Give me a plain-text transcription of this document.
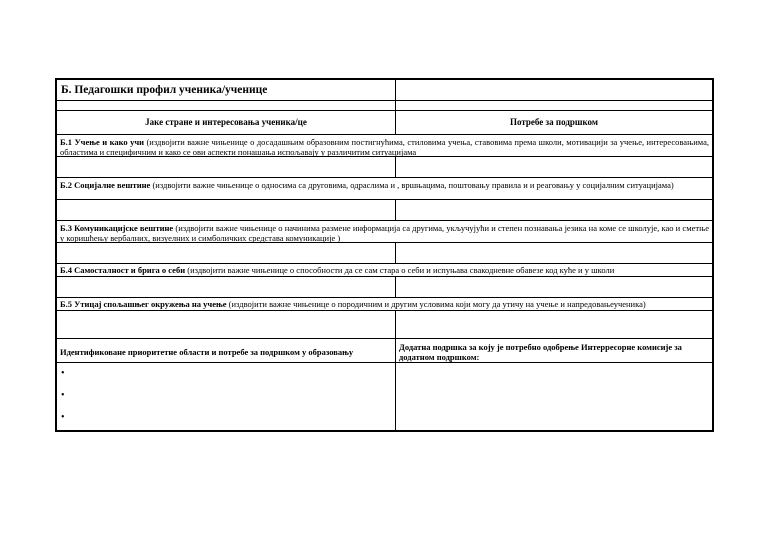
Б. Педагошки профил ученика/ученице
Јаке стране и интересовања ученика/це	Потребе за подршком
Б.1 Учење и како учи (издвојити важне чињенице о досадашњим образовним постигнућима, стиловима учења, ставовима према школи, мотивацији за учење, интересовањима, областима и специфичним и како се ови аспекти понашања испољавају у различитим ситуацијама
Б.2 Социјалне вештине (издвојити важне чињенице о односима са друговима, одраслима и , вршњацима, поштовању правила и и реаговању у социјалним ситуацијама)
Б.3 Комуникацијске вештине (издвојити важне чињенице о начинима размене информација са другима, укључујући и степен познавања језика на коме се школује, као и сметње у коришћењу вербалних, визуелних и симболичких средстава комуникације )
Б.4 Самосталност и брига о себи (издвојити важне чињенице о способности да се сам стара о себи и испуњава свакодневне обавезе код куће и у школи
Б.5 Утицај спољашњег окружења на учење (издвојити важне чињенице о породичним и другим условима који могу да утичу на учење и напредовањеученика)
Идентификоване приоритетне области и потребе за подршком у образовању	Додатна подршка за коју је потребно одобрење Интерресорне комисије за додатном подршком:
•
•
•
